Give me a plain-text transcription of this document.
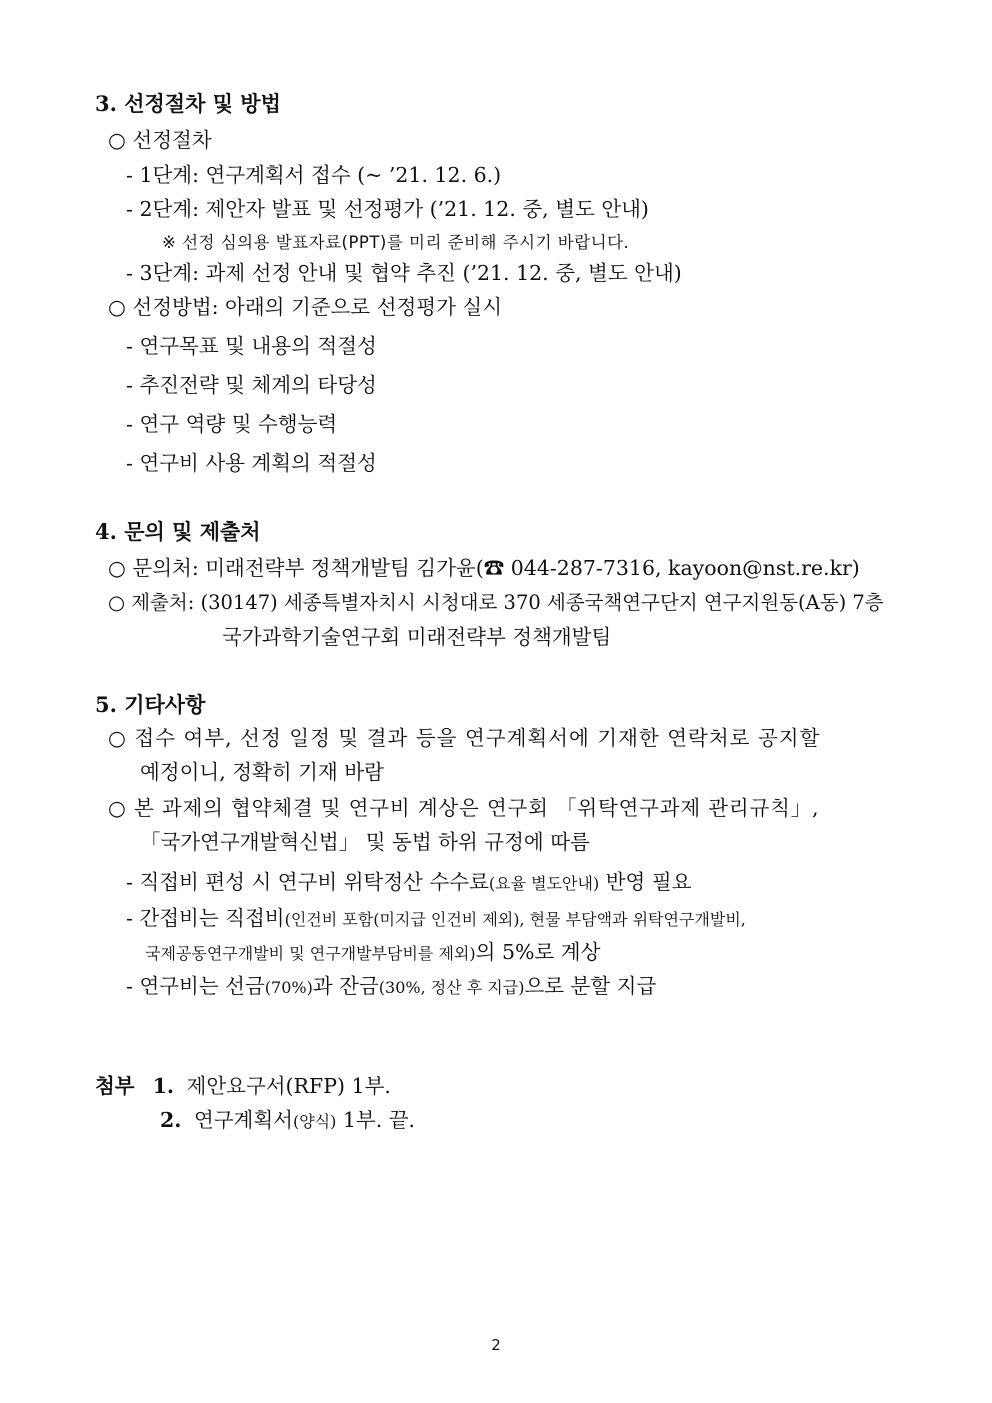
3. 선정절차 및 방법
○ 선정절차
- 1단계: 연구계획서 접수 (~ ’21. 12. 6.)
- 2단계: 제안자 발표 및 선정평가 (’21. 12. 중, 별도 안내)
※ 선정 심의용 발표자료(PPT)를 미리 준비해 주시기 바랍니다.
- 3단계: 과제 선정 안내 및 협약 추진 (’21. 12. 중, 별도 안내)
○ 선정방법: 아래의 기준으로 선정평가 실시
- 연구목표 및 내용의 적절성
- 추진전략 및 체계의 타당성
- 연구 역량 및 수행능력
- 연구비 사용 계획의 적절성
4. 문의 및 제출처
○ 문의처: 미래전략부 정책개발팀 김가윤(☎ 044-287-7316, kayoon@nst.re.kr)
○ 제출처: (30147) 세종특별자치시 시청대로 370 세종국책연구단지 연구지원동(A동) 7층
국가과학기술연구회 미래전략부 정책개발팀
5. 기타사항
○ 접수 여부, 선정 일정 및 결과 등을 연구계획서에 기재한 연락처로 공지할
예정이니, 정확히 기재 바람
○ 본 과제의 협약체결 및 연구비 계상은 연구회 「위탁연구과제 관리규칙」,
「국가연구개발혁신법」 및 동법 하위 규정에 따름
- 직접비 편성 시 연구비 위탁정산 수수료(요율 별도안내) 반영 필요
- 간접비는 직접비(인건비 포함(미지급 인건비 제외), 현물 부담액과 위탁연구개발비,
국제공동연구개발비 및 연구개발부담비를 제외)의 5%로 계상
- 연구비는 선금(70%)과 잔금(30%, 정산 후 지급)으로 분할 지급
첨부 1. 제안요구서(RFP) 1부.
2. 연구계획서(양식) 1부. 끝.
2
